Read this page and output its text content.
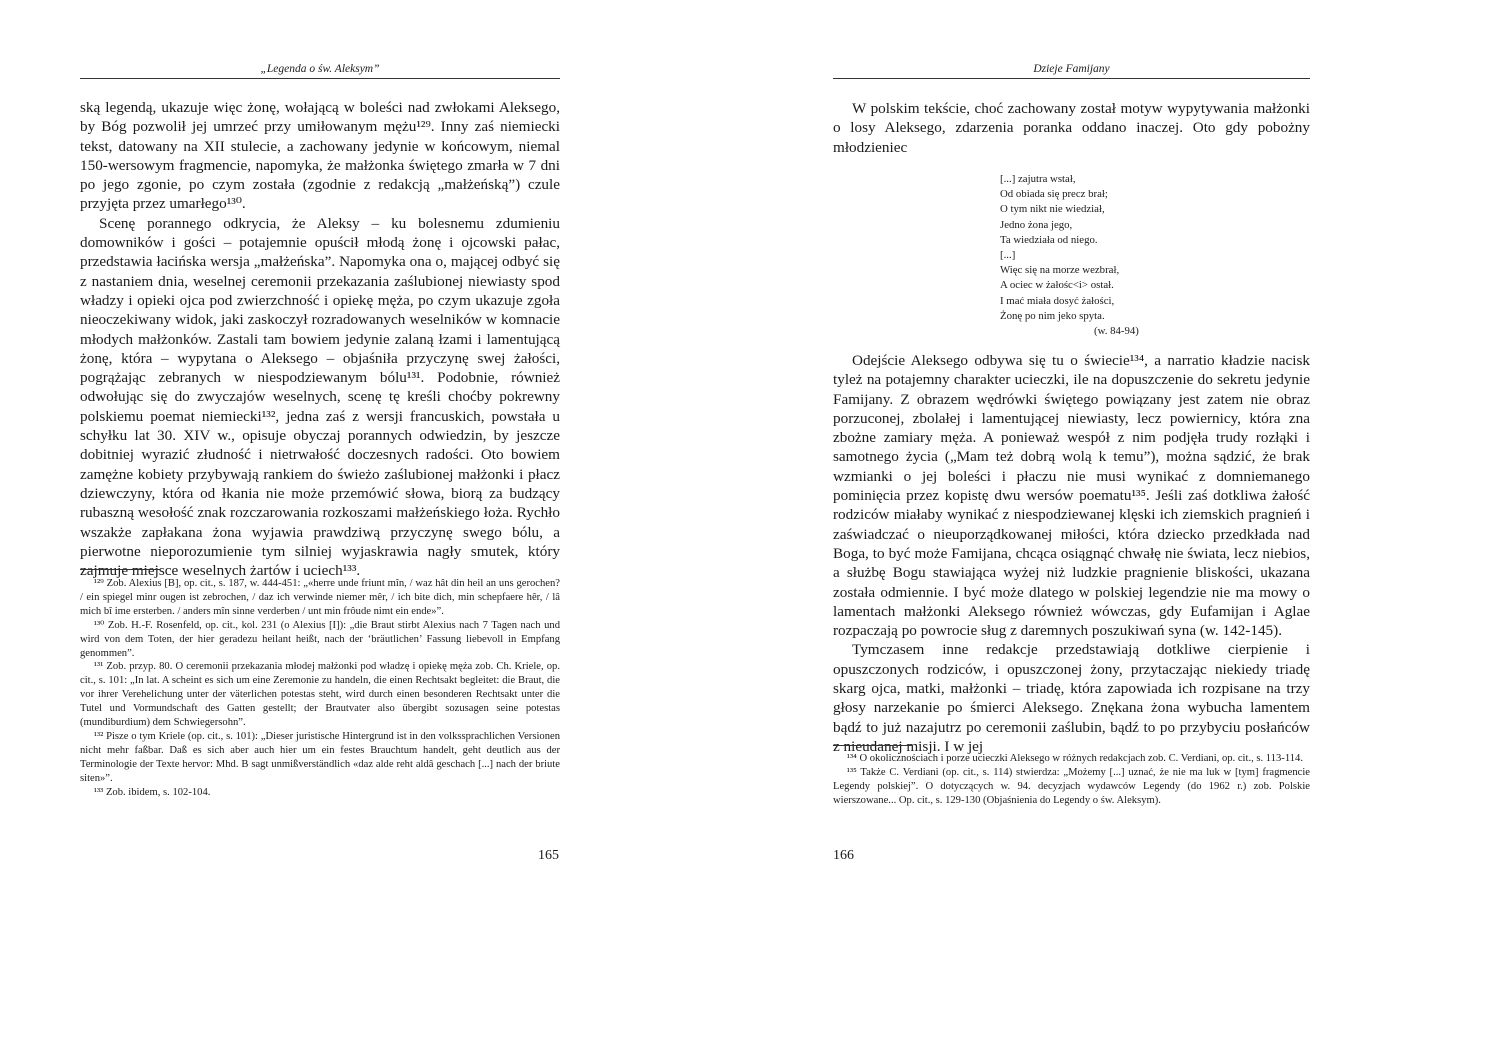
„Legenda o św. Aleksym”

ską legendą, ukazuje więc żonę, wołającą w boleści nad zwłokami Aleksego, by Bóg pozwolił jej umrzeć przy umiłowanym mężu¹²⁹. Inny zaś niemiecki tekst, datowany na XII stulecie, a zachowany jedynie w końcowym, niemal 150-wersowym fragmencie, napomyka, że małżonka świętego zmarła w 7 dni po jego zgonie, po czym została (zgodnie z redakcją „małżeńską”) czule przyjęta przez umarłego¹³⁰.

Scenę porannego odkrycia, że Aleksy – ku bolesnemu zdumieniu domowników i gości – potajemnie opuścił młodą żonę i ojcowski pałac, przedstawia łacińska wersja „małżeńska”. Napomyka ona o, mającej odbyć się z nastaniem dnia, weselnej ceremonii przekazania zaślubionej niewiasty spod władzy i opieki ojca pod zwierzchność i opiekę męża, po czym ukazuje zgoła nieoczekiwany widok, jaki zaskoczył rozradowanych weselników w komnacie młodych małżonków. Zastali tam bowiem jedynie zalaną łzami i lamentującą żonę, która – wypytana o Aleksego – objaśniła przyczynę swej żałości, pogrążając zebranych w niespodziewanym bólu¹³¹. Podobnie, również odwołując się do zwyczajów weselnych, scenę tę kreśli choćby pokrewny polskiemu poemat niemiecki¹³², jedna zaś z wersji francuskich, powstała u schyłku lat 30. XIV w., opisuje obyczaj porannych odwiedzin, by jeszcze dobitniej wyrazić złudność i nietrwałość doczesnych radości. Oto bowiem zamężne kobiety przybywają rankiem do świeżo zaślubionej małżonki i płacz dziewczyny, która od łkania nie może przemówić słowa, biorą za budzący rubaszną wesołość znak rozczarowania rozkoszami małżeńskiego łoża. Rychło wszakże zapłakana żona wyjawia prawdziwą przyczynę swego bólu, a pierwotne nieporozumienie tym silniej wyjaskrawia nagły smutek, który zajmuje miejsce weselnych żartów i uciech¹³³.

¹²⁹ Zob. Alexius [B], op. cit., s. 187, w. 444-451: „«herre unde friunt mîn, / waz hât din heil an uns gerochen? / ein spiegel minr ougen ist zebrochen, / daz ich verwinde niemer mêr, / ich bite dich, min schepfaere hêr, / lâ mich bî ime ersterben. / anders mîn sinne verderben / unt min frôude nimt ein ende»”.

¹³⁰ Zob. H.-F. Rosenfeld, op. cit., kol. 231 (o Alexius [I]): „die Braut stirbt Alexius nach 7 Tagen nach und wird von dem Toten, der hier geradezu heilant heißt, nach der ‘bräutlichen’ Fassung liebevoll in Empfang genommen”.

¹³¹ Zob. przyp. 80. O ceremonii przekazania młodej małżonki pod władzę i opiekę męża zob. Ch. Kriele, op. cit., s. 101: „In lat. A scheint es sich um eine Zeremonie zu handeln, die einen Rechtsakt begleitet: die Braut, die vor ihrer Verehelichung unter der väterlichen potestas steht, wird durch einen besonderen Rechtsakt unter die Tutel und Vormundschaft des Gatten gestellt; der Brautvater also übergibt sozusagen seine potestas (mundiburdium) dem Schwiegersohn”.

¹³² Pisze o tym Kriele (op. cit., s. 101): „Dieser juristische Hintergrund ist in den volkssprachlichen Versionen nicht mehr faßbar. Daß es sich aber auch hier um ein festes Brauchtum handelt, geht deutlich aus der Terminologie der Texte hervor: Mhd. B sagt unmißverständlich «daz alde reht aldâ geschach [...] nach der briute siten»”.

¹³³ Zob. ibidem, s. 102-104.

165
Dzieje Famijany

W polskim tekście, choć zachowany został motyw wypytywania małżonki o losy Aleksego, zdarzenia poranka oddano inaczej. Oto gdy pobożny młodzieniec

[...] zajutra wstał,
Od obiada się precz brał;
O tym nikt nie wiedział,
Jedno żona jego,
Ta wiedziała od niego.
[...]
Więc się na morze wezbrał,
A ociec w żałośc<i> ostał.
I mać miała dosyć żałości,
Żonę po nim jeko spyta.
(w. 84-94)

Odejście Aleksego odbywa się tu o świecie¹³⁴, a narratio kładzie nacisk tyleż na potajemny charakter ucieczki, ile na dopuszczenie do sekretu jedynie Famijany. Z obrazem wędrówki świętego powiązany jest zatem nie obraz porzuconej, zbolałej i lamentującej niewiasty, lecz powiernicy, która zna zbożne zamiary męża. A ponieważ wespół z nim podjęła trudy rozłąki i samotnego życia („Mam też dobrą wolą k temu”), można sądzić, że brak wzmianki o jej boleści i płaczu nie musi wynikać z domniemanego pominięcia przez kopistę dwu wersów poematu¹³⁵. Jeśli zaś dotkliwa żałość rodziców miałaby wynikać z niespodziewanej klęski ich ziemskich pragnień i zaświadczać o nieuporządkowanej miłości, która dziecko przedkłada nad Boga, to być może Famijana, chcąca osiągnąć chwałę nie świata, lecz niebios, a służbę Bogu stawiająca wyżej niż ludzkie pragnienie bliskości, ukazana została odmiennie. I być może dlatego w polskiej legendzie nie ma mowy o lamentach małżonki Aleksego również wówczas, gdy Eufamijan i Aglae rozpaczają po powrocie sług z daremnych poszukiwań syna (w. 142-145).

Tymczasem inne redakcje przedstawiają dotkliwe cierpienie i opuszczonych rodziców, i opuszczonej żony, przytaczając niekiedy triadę skarg ojca, matki, małżonki – triadę, która zapowiada ich rozpisane na trzy głosy narzekanie po śmierci Aleksego. Znękana żona wybucha lamentem bądź to już nazajutrz po ceremonii zaślubin, bądź to po przybyciu posłańców z nieudanej misji. I w jej

¹³⁴ O okolicznościach i porze ucieczki Aleksego w różnych redakcjach zob. C. Verdiani, op. cit., s. 113-114.

¹³⁵ Także C. Verdiani (op. cit., s. 114) stwierdza: „Możemy [...] uznać, że nie ma luk w [tym] fragmencie Legendy polskiej”. O dotyczących w. 94. decyzjach wydawców Legendy (do 1962 r.) zob. Polskie wierszowane... Op. cit., s. 129-130 (Objaśnienia do Legendy o św. Aleksym).

166
